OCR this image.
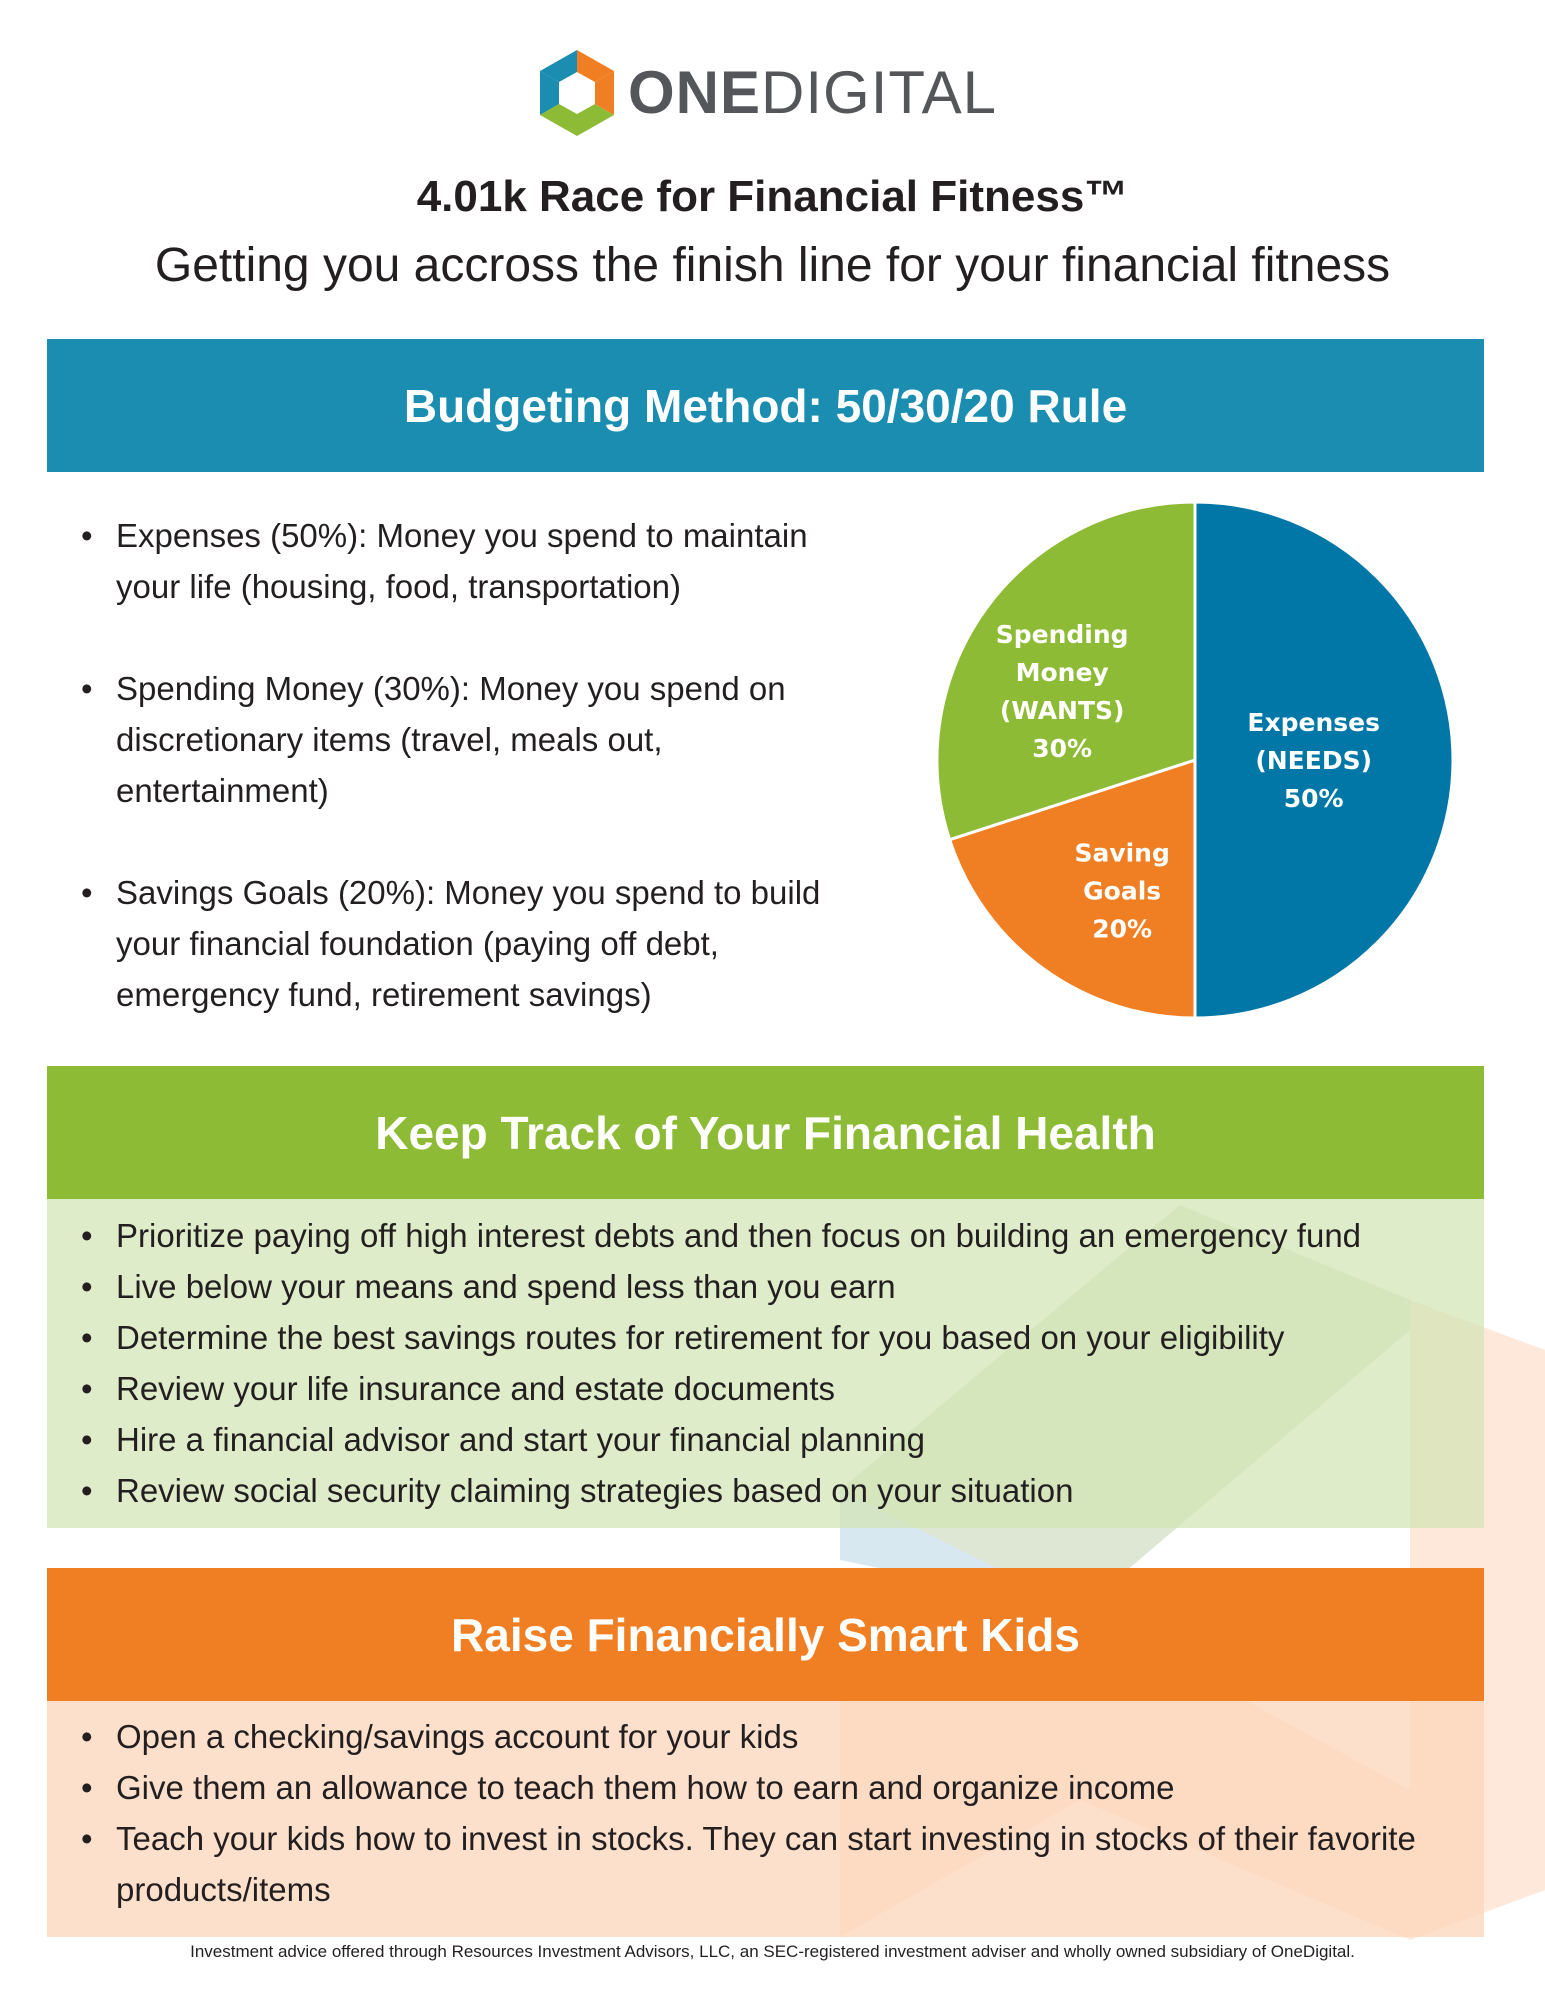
ONEDIGITAL
4.01k Race for Financial Fitness™
Getting you accross the finish line for your financial fitness
Budgeting Method: 50/30/20 Rule
• Expenses (50%): Money you spend to maintain your life (housing, food, transportation)
• Spending Money (30%): Money you spend on discretionary items (travel, meals out, entertainment)
• Savings Goals (20%): Money you spend to build your financial foundation (paying off debt, emergency fund, retirement savings)
Expenses (NEEDS) 50%
Saving Goals 20%
Spending Money (WANTS) 30%
Keep Track of Your Financial Health
• Prioritize paying off high interest debts and then focus on building an emergency fund
• Live below your means and spend less than you earn
• Determine the best savings routes for retirement for you based on your eligibility
• Review your life insurance and estate documents
• Hire a financial advisor and start your financial planning
• Review social security claiming strategies based on your situation
Raise Financially Smart Kids
• Open a checking/savings account for your kids
• Give them an allowance to teach them how to earn and organize income
• Teach your kids how to invest in stocks. They can start investing in stocks of their favorite products/items
Investment advice offered through Resources Investment Advisors, LLC, an SEC-registered investment adviser and wholly owned subsidiary of OneDigital.
